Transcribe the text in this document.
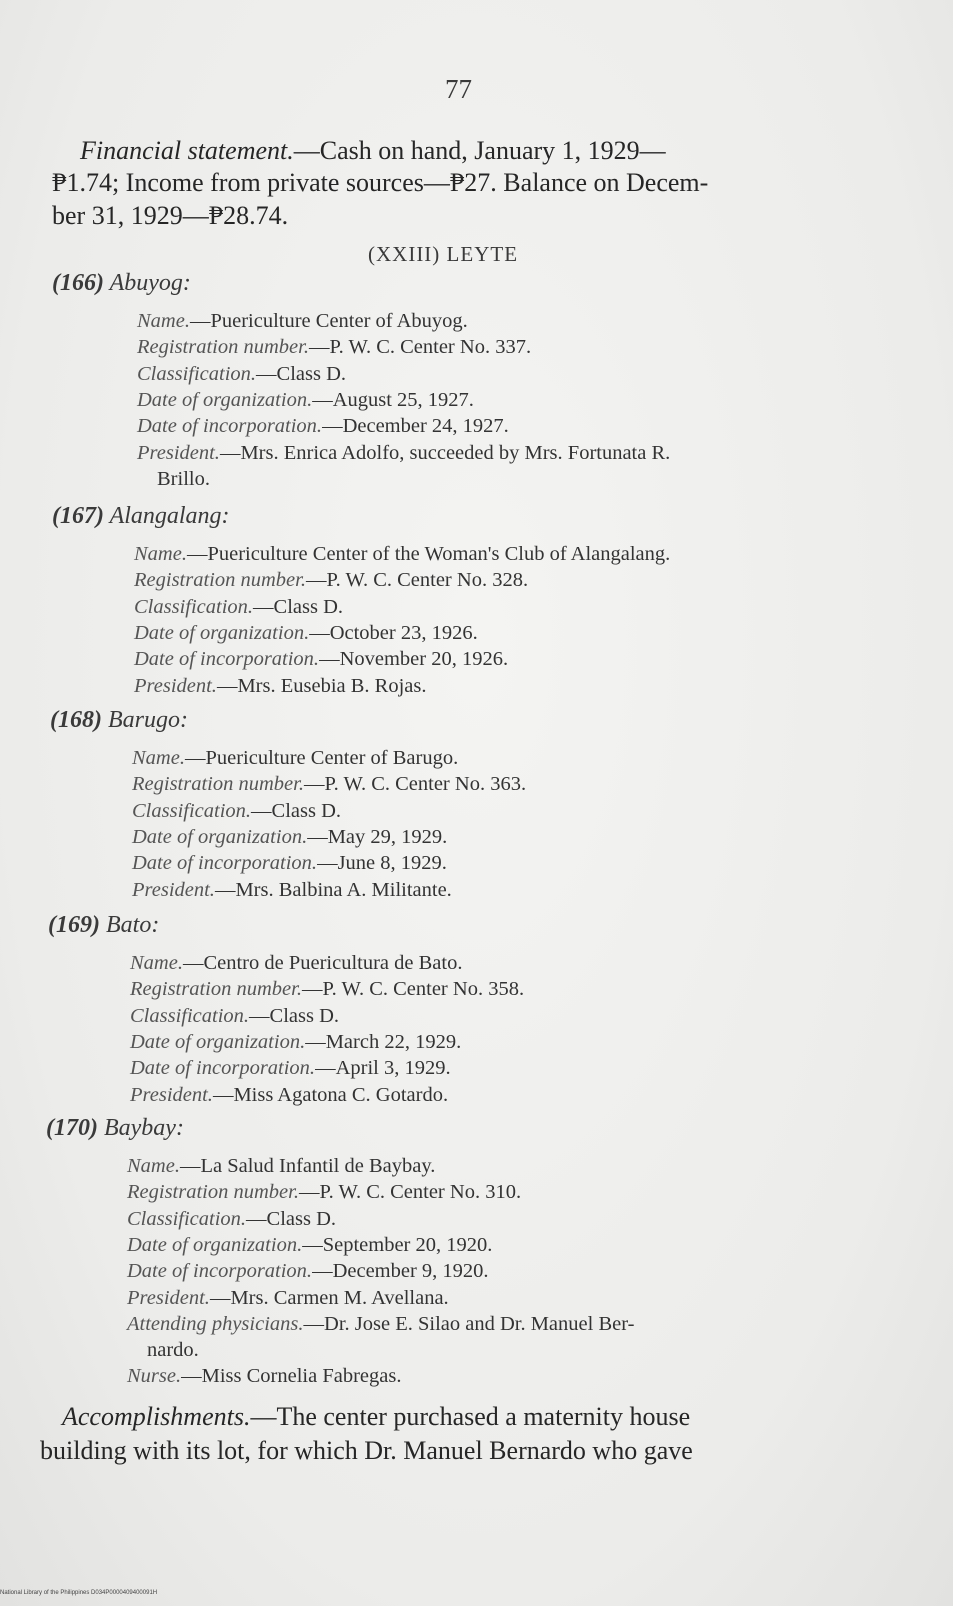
77
Financial statement.—Cash on hand, January 1, 1929—
₱1.74; Income from private sources—₱27. Balance on Decem-
ber 31, 1929—₱28.74.
(XXIII) LEYTE
(166) Abuyog:
Name.—Puericulture Center of Abuyog.
Registration number.—P. W. C. Center No. 337.
Classification.—Class D.
Date of organization.—August 25, 1927.
Date of incorporation.—December 24, 1927.
President.—Mrs. Enrica Adolfo, succeeded by Mrs. Fortunata R.
Brillo.
(167) Alangalang:
Name.—Puericulture Center of the Woman's Club of Alangalang.
Registration number.—P. W. C. Center No. 328.
Classification.—Class D.
Date of organization.—October 23, 1926.
Date of incorporation.—November 20, 1926.
President.—Mrs. Eusebia B. Rojas.
(168) Barugo:
Name.—Puericulture Center of Barugo.
Registration number.—P. W. C. Center No. 363.
Classification.—Class D.
Date of organization.—May 29, 1929.
Date of incorporation.—June 8, 1929.
President.—Mrs. Balbina A. Militante.
(169) Bato:
Name.—Centro de Puericultura de Bato.
Registration number.—P. W. C. Center No. 358.
Classification.—Class D.
Date of organization.—March 22, 1929.
Date of incorporation.—April 3, 1929.
President.—Miss Agatona C. Gotardo.
(170) Baybay:
Name.—La Salud Infantil de Baybay.
Registration number.—P. W. C. Center No. 310.
Classification.—Class D.
Date of organization.—September 20, 1920.
Date of incorporation.—December 9, 1920.
President.—Mrs. Carmen M. Avellana.
Attending physicians.—Dr. Jose E. Silao and Dr. Manuel Ber-
nardo.
Nurse.—Miss Cornelia Fabregas.
Accomplishments.—The center purchased a maternity house
building with its lot, for which Dr. Manuel Bernardo who gave
National Library of the Philippines D034P0000409400091H
